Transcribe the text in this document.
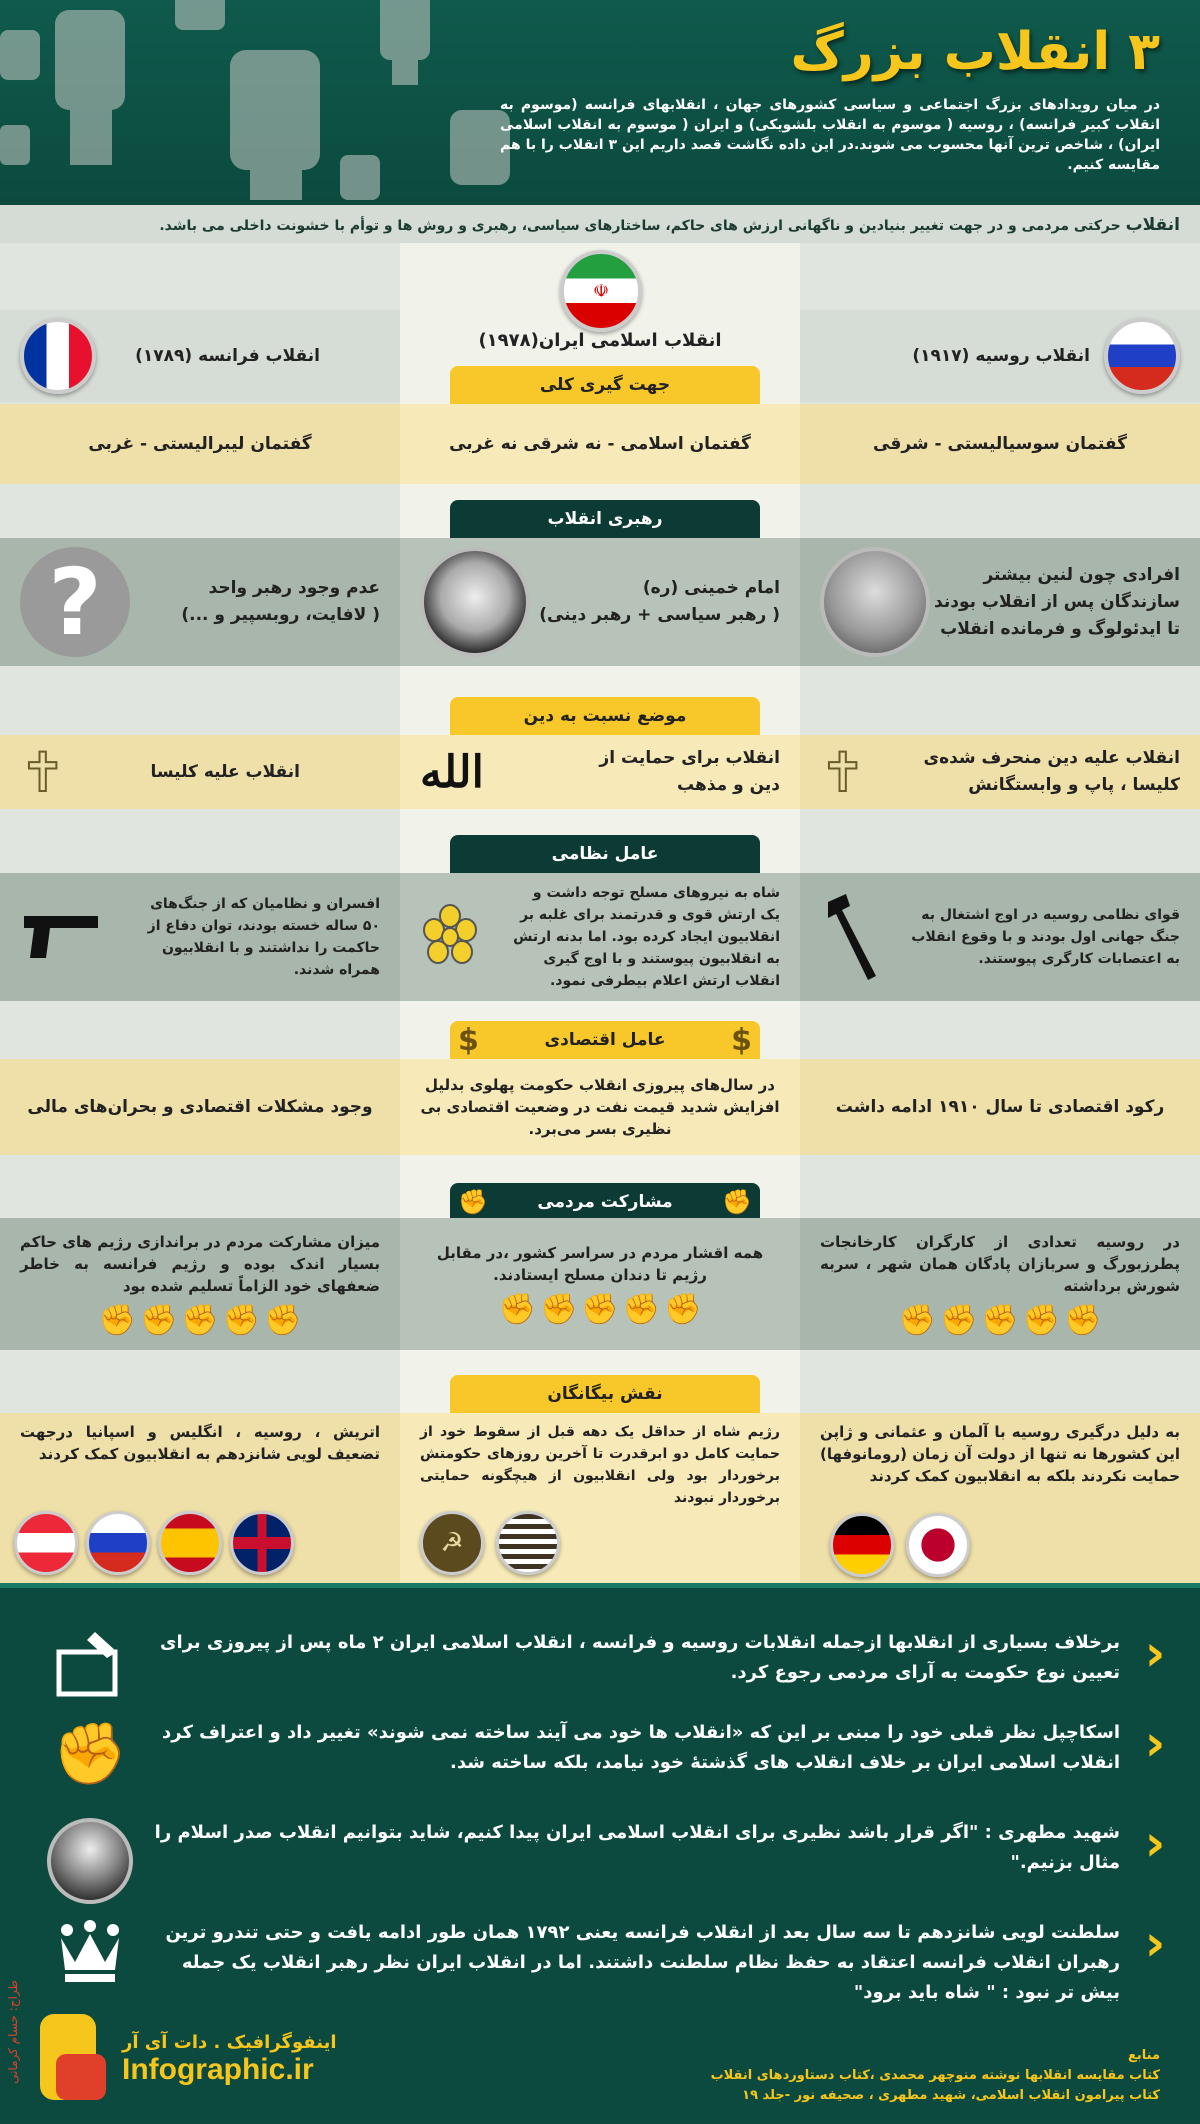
۳ انقلاب بزرگ
در میان رویدادهای بزرگ اجتماعی و سیاسی کشورهای جهان ، انقلابهای فرانسه (موسوم به انقلاب کبیر فرانسه) ، روسیه ( موسوم به انقلاب بلشویکی) و ایران ( موسوم به انقلاب اسلامی ایران) ، شاخص ترین آنها محسوب می شوند.در این داده نگاشت قصد داریم این ۳ انقلاب را با هم مقایسه کنیم.
انقلاب حرکتی مردمی و در جهت تغییر بنیادین و ناگهانی ارزش های حاکم، ساختارهای سیاسی، رهبری و روش ها و توأم با خشونت داخلی می باشد.
☫
انقلاب روسیه (۱۹۱۷)
انقلاب اسلامی ایران(۱۹۷۸)
انقلاب فرانسه (۱۷۸۹)
جهت گیری کلی
گفتمان سوسیالیستی - شرقی
گفتمان اسلامی - نه شرقی نه غربی
گفتمان لیبرالیستی - غربی
رهبری انقلاب
افرادی چون لنین بیشتر سازندگان پس از انقلاب بودند تا ایدئولوگ و فرمانده انقلاب
امام خمینی (ره)
( رهبر سیاسی + رهبر دینی)
عدم وجود رهبر واحد
( لافایت، روبسپیر و ...)
?
موضع نسبت به دین
انقلاب علیه دین منحرف شده‌ی کلیسا ، پاپ و وابستگانش
✝
انقلاب برای حمایت از دین و مذهب
الله
انقلاب علیه کلیسا
✝
عامل نظامی
قوای نظامی روسیه در اوج اشتغال به جنگ جهانی اول بودند و با وقوع انقلاب به اعتصابات کارگری پیوستند.
شاه به نیروهای مسلح توجه داشت و یک ارتش قوی و قدرتمند برای غلبه بر انقلابیون ایجاد کرده بود. اما بدنه ارتش به انقلابیون پیوستند و با اوج گیری انقلاب ارتش اعلام بیطرفی نمود.
افسران و نظامیان که از جنگ‌های ۵۰ ساله خسته بودند، توان دفاع از حاکمت را نداشتند و با انقلابیون همراه شدند.
$
عامل اقتصادی
$
رکود اقتصادی تا سال ۱۹۱۰ ادامه داشت
در سال‌های پیروزی انقلاب حکومت پهلوی بدلیل افزایش شدید قیمت نفت در وضعیت اقتصادی بی نظیری بسر می‌برد.
وجود مشکلات اقتصادی و بحران‌های مالی
✊
مشارکت مردمی
✊
در روسیه تعدادی از کارگران کارخانجات پطرزبورگ و سربازان پادگان همان شهر ، سربه شورش برداشته
✊ ✊ ✊ ✊ ✊
همه اقشار مردم در سراسر کشور ،در مقابل رژیم تا دندان مسلح ایستادند.
✊ ✊ ✊ ✊ ✊
میزان مشارکت مردم در براندازی رژیم های حاکم بسیار اندک بوده و رژیم فرانسه به خاطر ضعفهای خود الزاماً تسلیم شده بود
✊ ✊ ✊ ✊ ✊
نقش بیگانگان
به دلیل درگیری روسیه با آلمان و عثمانی و ژاپن این کشورها نه تنها از دولت آن زمان (رومانوفها) حمایت نکردند بلکه به انقلابیون کمک کردند
رژیم شاه از حداقل یک دهه قبل از سقوط خود از حمایت کامل دو ابرقدرت تا آخرین روزهای حکومتش برخوردار بود ولی انقلابیون از هیچگونه حمایتی برخوردار نبودند
☭
اتریش ، روسیه ، انگلیس و اسپانیا درجهت تضعیف لویی شانزدهم به انقلابیون کمک کردند
‹
برخلاف بسیاری از انقلابها ازجمله انقلابات روسیه و فرانسه ، انقلاب اسلامی ایران ۲ ماه پس از پیروزی برای تعیین نوع حکومت به آرای مردمی رجوع کرد.
‹
اسکاچپل نظر قبلی خود را مبنی بر این که «انقلاب ها خود می آیند ساخته نمی شوند» تغییر داد و اعتراف کرد انقلاب اسلامی ایران بر خلاف انقلاب های گذشتهٔ خود نیامد، بلکه ساخته شد.
✊
‹
شهید مطهری : "اگر قرار باشد نظیری برای انقلاب اسلامی ایران پیدا کنیم، شاید بتوانیم انقلاب صدر اسلام را مثال بزنیم."
‹
سلطنت لویی شانزدهم تا سه سال بعد از انقلاب فرانسه یعنی ۱۷۹۲ همان طور ادامه یافت و حتی تندرو ترین رهبران انقلاب فرانسه اعتقاد به حفظ نظام سلطنت داشتند. اما در انقلاب ایران نظر رهبر انقلاب یک جمله بیش تر نبود : " شاه باید برود"
اینفوگرافیک . دات آی آر
Infographic.ir	منابع
کتاب مقایسه انقلابها نوشته منوچهر محمدی ،کتاب دستاوردهای انقلاب
کتاب پیرامون انقلاب اسلامی، شهید مطهری ، صحیفه نور -جلد ۱۹
طراح: حسام کرمانی
